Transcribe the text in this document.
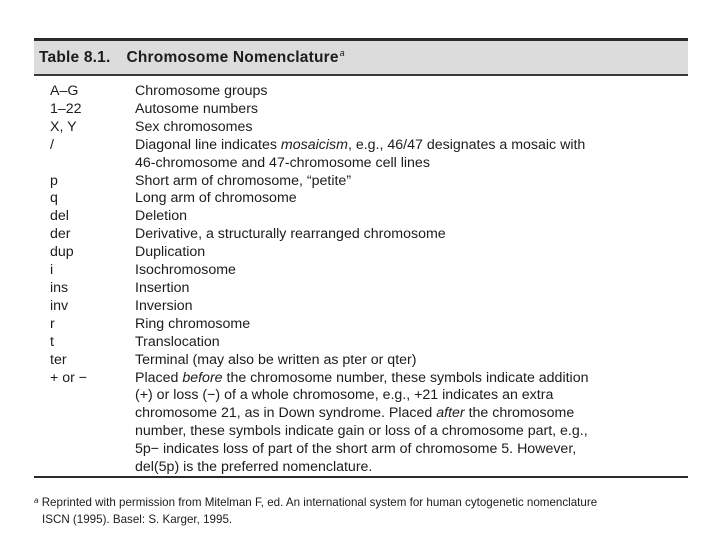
Table 8.1. Chromosome Nomenclature$^a$
A–G	Chromosome groups
1–22	Autosome numbers
X, Y	Sex chromosomes
/	Diagonal line indicates mosaicism, e.g., 46/47 designates a mosaic with
46-chromosome and 47-chromosome cell lines
p	Short arm of chromosome, “petite”
q	Long arm of chromosome
del	Deletion
der	Derivative, a structurally rearranged chromosome
dup	Duplication
i	Isochromosome
ins	Insertion
inv	Inversion
r	Ring chromosome
t	Translocation
ter	Terminal (may also be written as pter or qter)
+ or −	Placed before the chromosome number, these symbols indicate addition
(+) or loss (−) of a whole chromosome, e.g., +21 indicates an extra
chromosome 21, as in Down syndrome. Placed after the chromosome
number, these symbols indicate gain or loss of a chromosome part, e.g.,
5p− indicates loss of part of the short arm of chromosome 5. However,
del(5p) is the preferred nomenclature.
$^a$ Reprinted with permission from Mitelman F, ed. An international system for human cytogenetic nomenclature
ISCN (1995). Basel: S. Karger, 1995.
